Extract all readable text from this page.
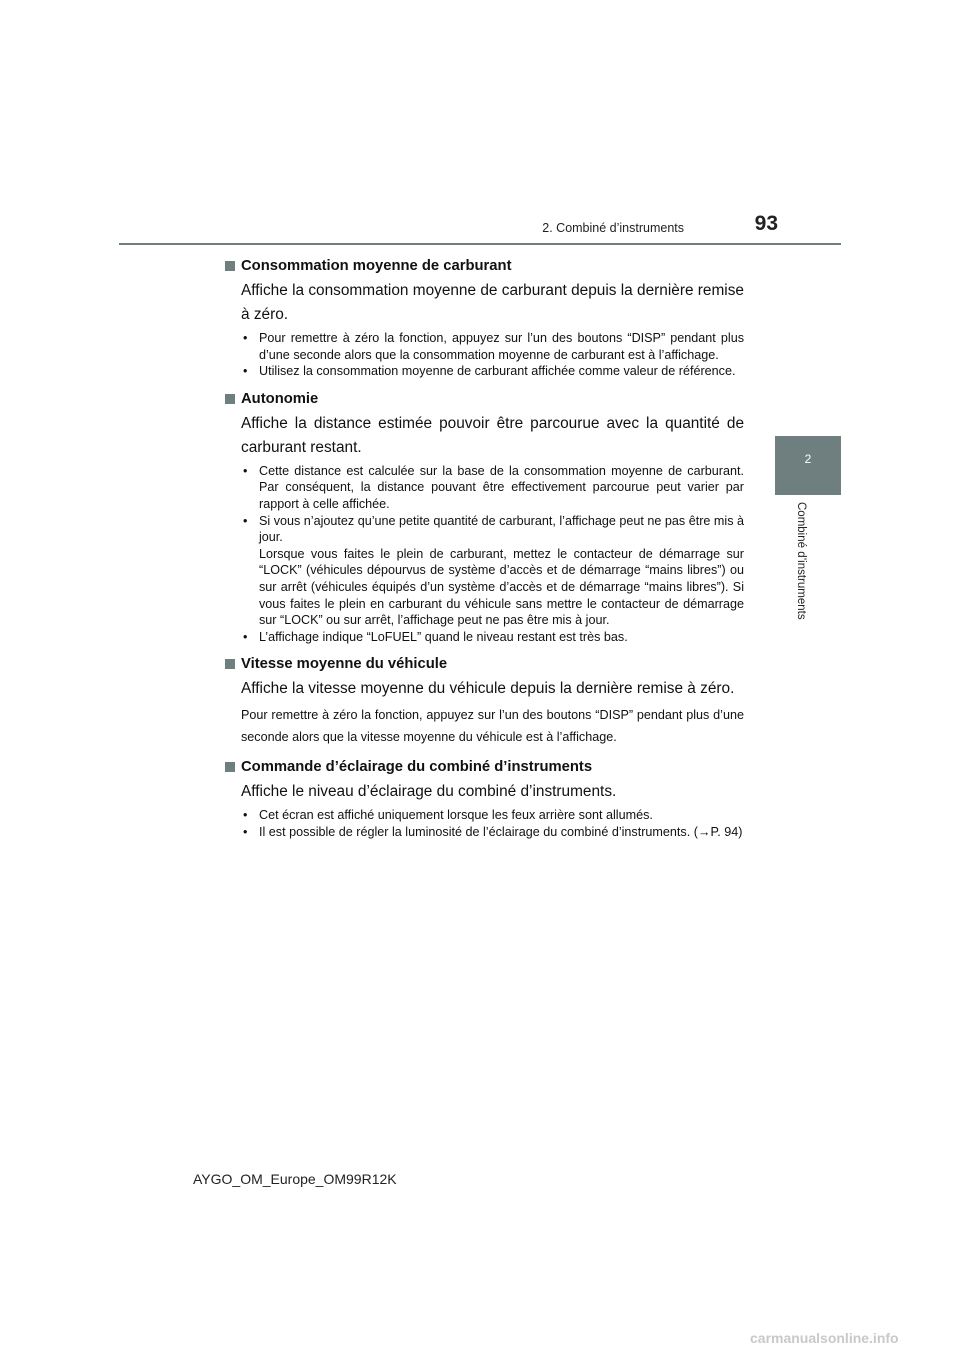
2. Combiné d’instruments	93
2
Combiné d’instruments
Consommation moyenne de carburant

Affiche la consommation moyenne de carburant depuis la dernière remise à zéro.

• Pour remettre à zéro la fonction, appuyez sur l’un des boutons “DISP” pendant plus d’une seconde alors que la consommation moyenne de carburant est à l’affichage.
• Utilisez la consommation moyenne de carburant affichée comme valeur de référence.
Autonomie

Affiche la distance estimée pouvoir être parcourue avec la quantité de carburant restant.

• Cette distance est calculée sur la base de la consommation moyenne de carburant. Par conséquent, la distance pouvant être effectivement parcourue peut varier par rapport à celle affichée.
• Si vous n’ajoutez qu’une petite quantité de carburant, l’affichage peut ne pas être mis à jour.
Lorsque vous faites le plein de carburant, mettez le contacteur de démarrage sur “LOCK” (véhicules dépourvus de système d’accès et de démarrage “mains libres”) ou sur arrêt (véhicules équipés d’un système d’accès et de démarrage “mains libres”). Si vous faites le plein en carburant du véhicule sans mettre le contacteur de démarrage sur “LOCK” ou sur arrêt, l’affichage peut ne pas être mis à jour.
• L’affichage indique “LoFUEL” quand le niveau restant est très bas.
Vitesse moyenne du véhicule

Affiche la vitesse moyenne du véhicule depuis la dernière remise à zéro.

Pour remettre à zéro la fonction, appuyez sur l’un des boutons “DISP” pendant plus d’une seconde alors que la vitesse moyenne du véhicule est à l’affichage.

Commande d’éclairage du combiné d’instruments

Affiche le niveau d’éclairage du combiné d’instruments.

• Cet écran est affiché uniquement lorsque les feux arrière sont allumés.
• Il est possible de régler la luminosité de l’éclairage du combiné d’instruments. (→P. 94)
AYGO_OM_Europe_OM99R12K
carmanualsonline.info
